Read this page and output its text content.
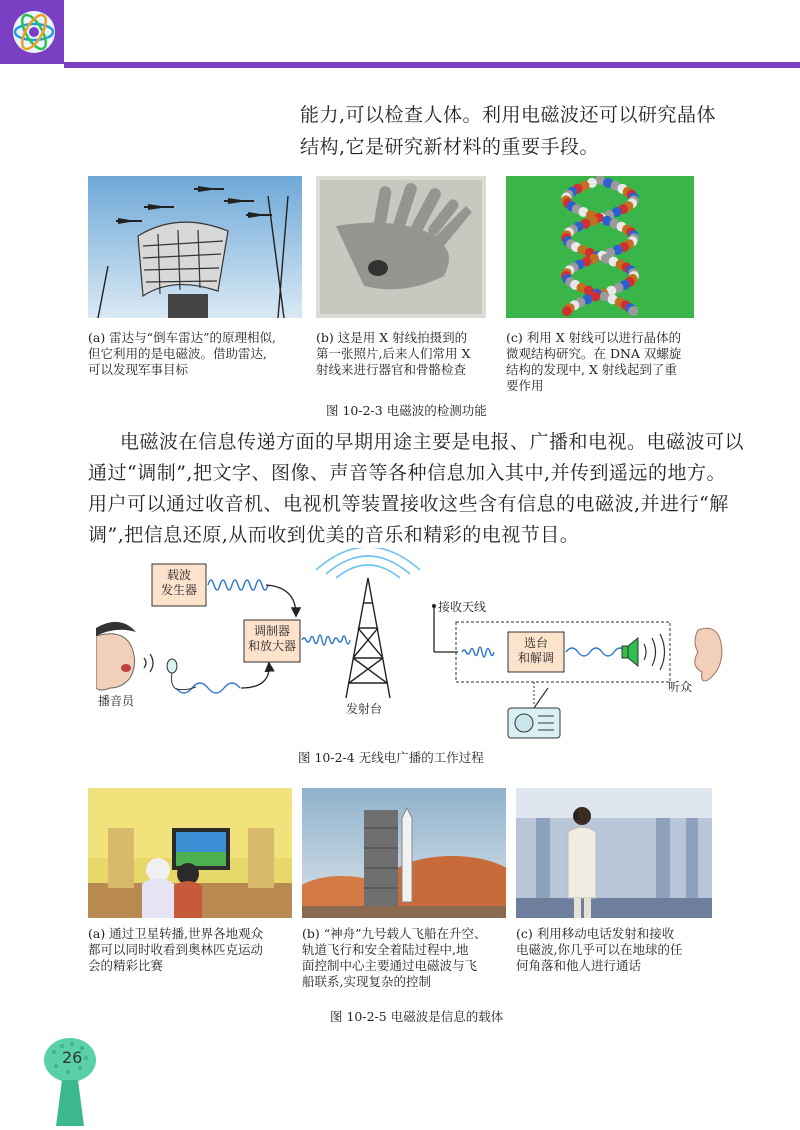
能力,可以检查人体。利用电磁波还可以研究晶体
结构,它是研究新材料的重要手段。
(a) 雷达与“倒车雷达”的原理相似,
但它利用的是电磁波。借助雷达,
可以发现军事目标
(b) 这是用 X 射线拍摄到的
第一张照片,后来人们常用 X
射线来进行器官和骨骼检查
(c) 利用 X 射线可以进行晶体的
微观结构研究。在 DNA 双螺旋
结构的发现中, X 射线起到了重
要作用
图 10-2-3 电磁波的检测功能
电磁波在信息传递方面的早期用途主要是电报、广播和电视。电磁波可以
通过“调制”,把文字、图像、声音等各种信息加入其中,并传到遥远的地方。
用户可以通过收音机、电视机等装置接收这些含有信息的电磁波,并进行“解
调”,把信息还原,从而收到优美的音乐和精彩的电视节目。
载波
发生器
调制器
和放大器	选台
和解调
播音员
发射台
接收天线
听众
图 10-2-4 无线电广播的工作过程
(a) 通过卫星转播,世界各地观众
都可以同时收看到奥林匹克运动
会的精彩比赛
(b) “神舟”九号载人飞船在升空、
轨道飞行和安全着陆过程中,地
面控制中心主要通过电磁波与飞
船联系,实现复杂的控制
(c) 利用移动电话发射和接收
电磁波,你几乎可以在地球的任
何角落和他人进行通话
图 10-2-5 电磁波是信息的载体
26
